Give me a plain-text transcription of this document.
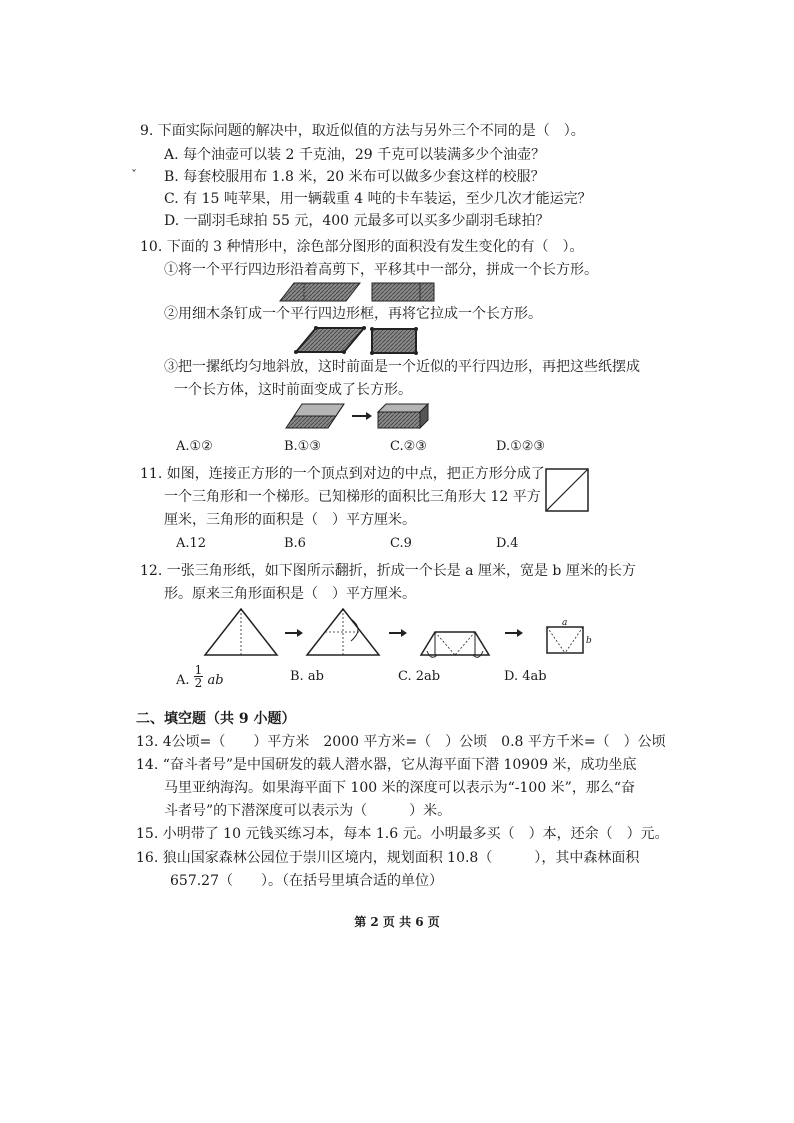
9. 下面实际问题的解决中，取近似值的方法与另外三个不同的是（　）。
A. 每个油壶可以装 2 千克油，29 千克可以装满多少个油壶？
ˇ B. 每套校服用布 1.8 米，20 米布可以做多少套这样的校服？
C. 有 15 吨苹果，用一辆载重 4 吨的卡车装运，至少几次才能运完？
D. 一副羽毛球拍 55 元，400 元最多可以买多少副羽毛球拍？
10. 下面的 3 种情形中，涂色部分图形的面积没有发生变化的有（　）。
①将一个平行四边形沿着高剪下，平移其中一部分，拼成一个长方形。
②用细木条钉成一个平行四边形框，再将它拉成一个长方形。
③把一摞纸均匀地斜放，这时前面是一个近似的平行四边形，再把这些纸摆成
一个长方体，这时前面变成了长方形。
A.①②	B.①③	C.②③	D.①②③
11. 如图，连接正方形的一个顶点到对边的中点，把正方形分成了
一个三角形和一个梯形。已知梯形的面积比三角形大 12 平方
厘米，三角形的面积是（　）平方厘米。
A.12	B.6	C.9	D.4
12. 一张三角形纸，如下图所示翻折，折成一个长是 a 厘米，宽是 b 厘米的长方
形。原来三角形面积是（　）平方厘米。
a
b
A. $\frac{1}{2}$ ab	B. ab	C. 2ab	D. 4ab
二、填空题（共 9 小题）
13. 4公顷=（　　）平方米　2000 平方米=（　）公顷　0.8 平方千米=（　）公顷
14. “奋斗者号”是中国研发的载人潜水器，它从海平面下潜 10909 米，成功坐底
马里亚纳海沟。如果海平面下 100 米的深度可以表示为“-100 米”，那么“奋
斗者号”的下潜深度可以表示为（　　　）米。
15. 小明带了 10 元钱买练习本，每本 1.6 元。小明最多买（　）本，还余（　）元。
16. 狼山国家森林公园位于崇川区境内，规划面积 10.8（　　　），其中森林面积
657.27（　　）。（在括号里填合适的单位）
第 2 页 共 6 页
